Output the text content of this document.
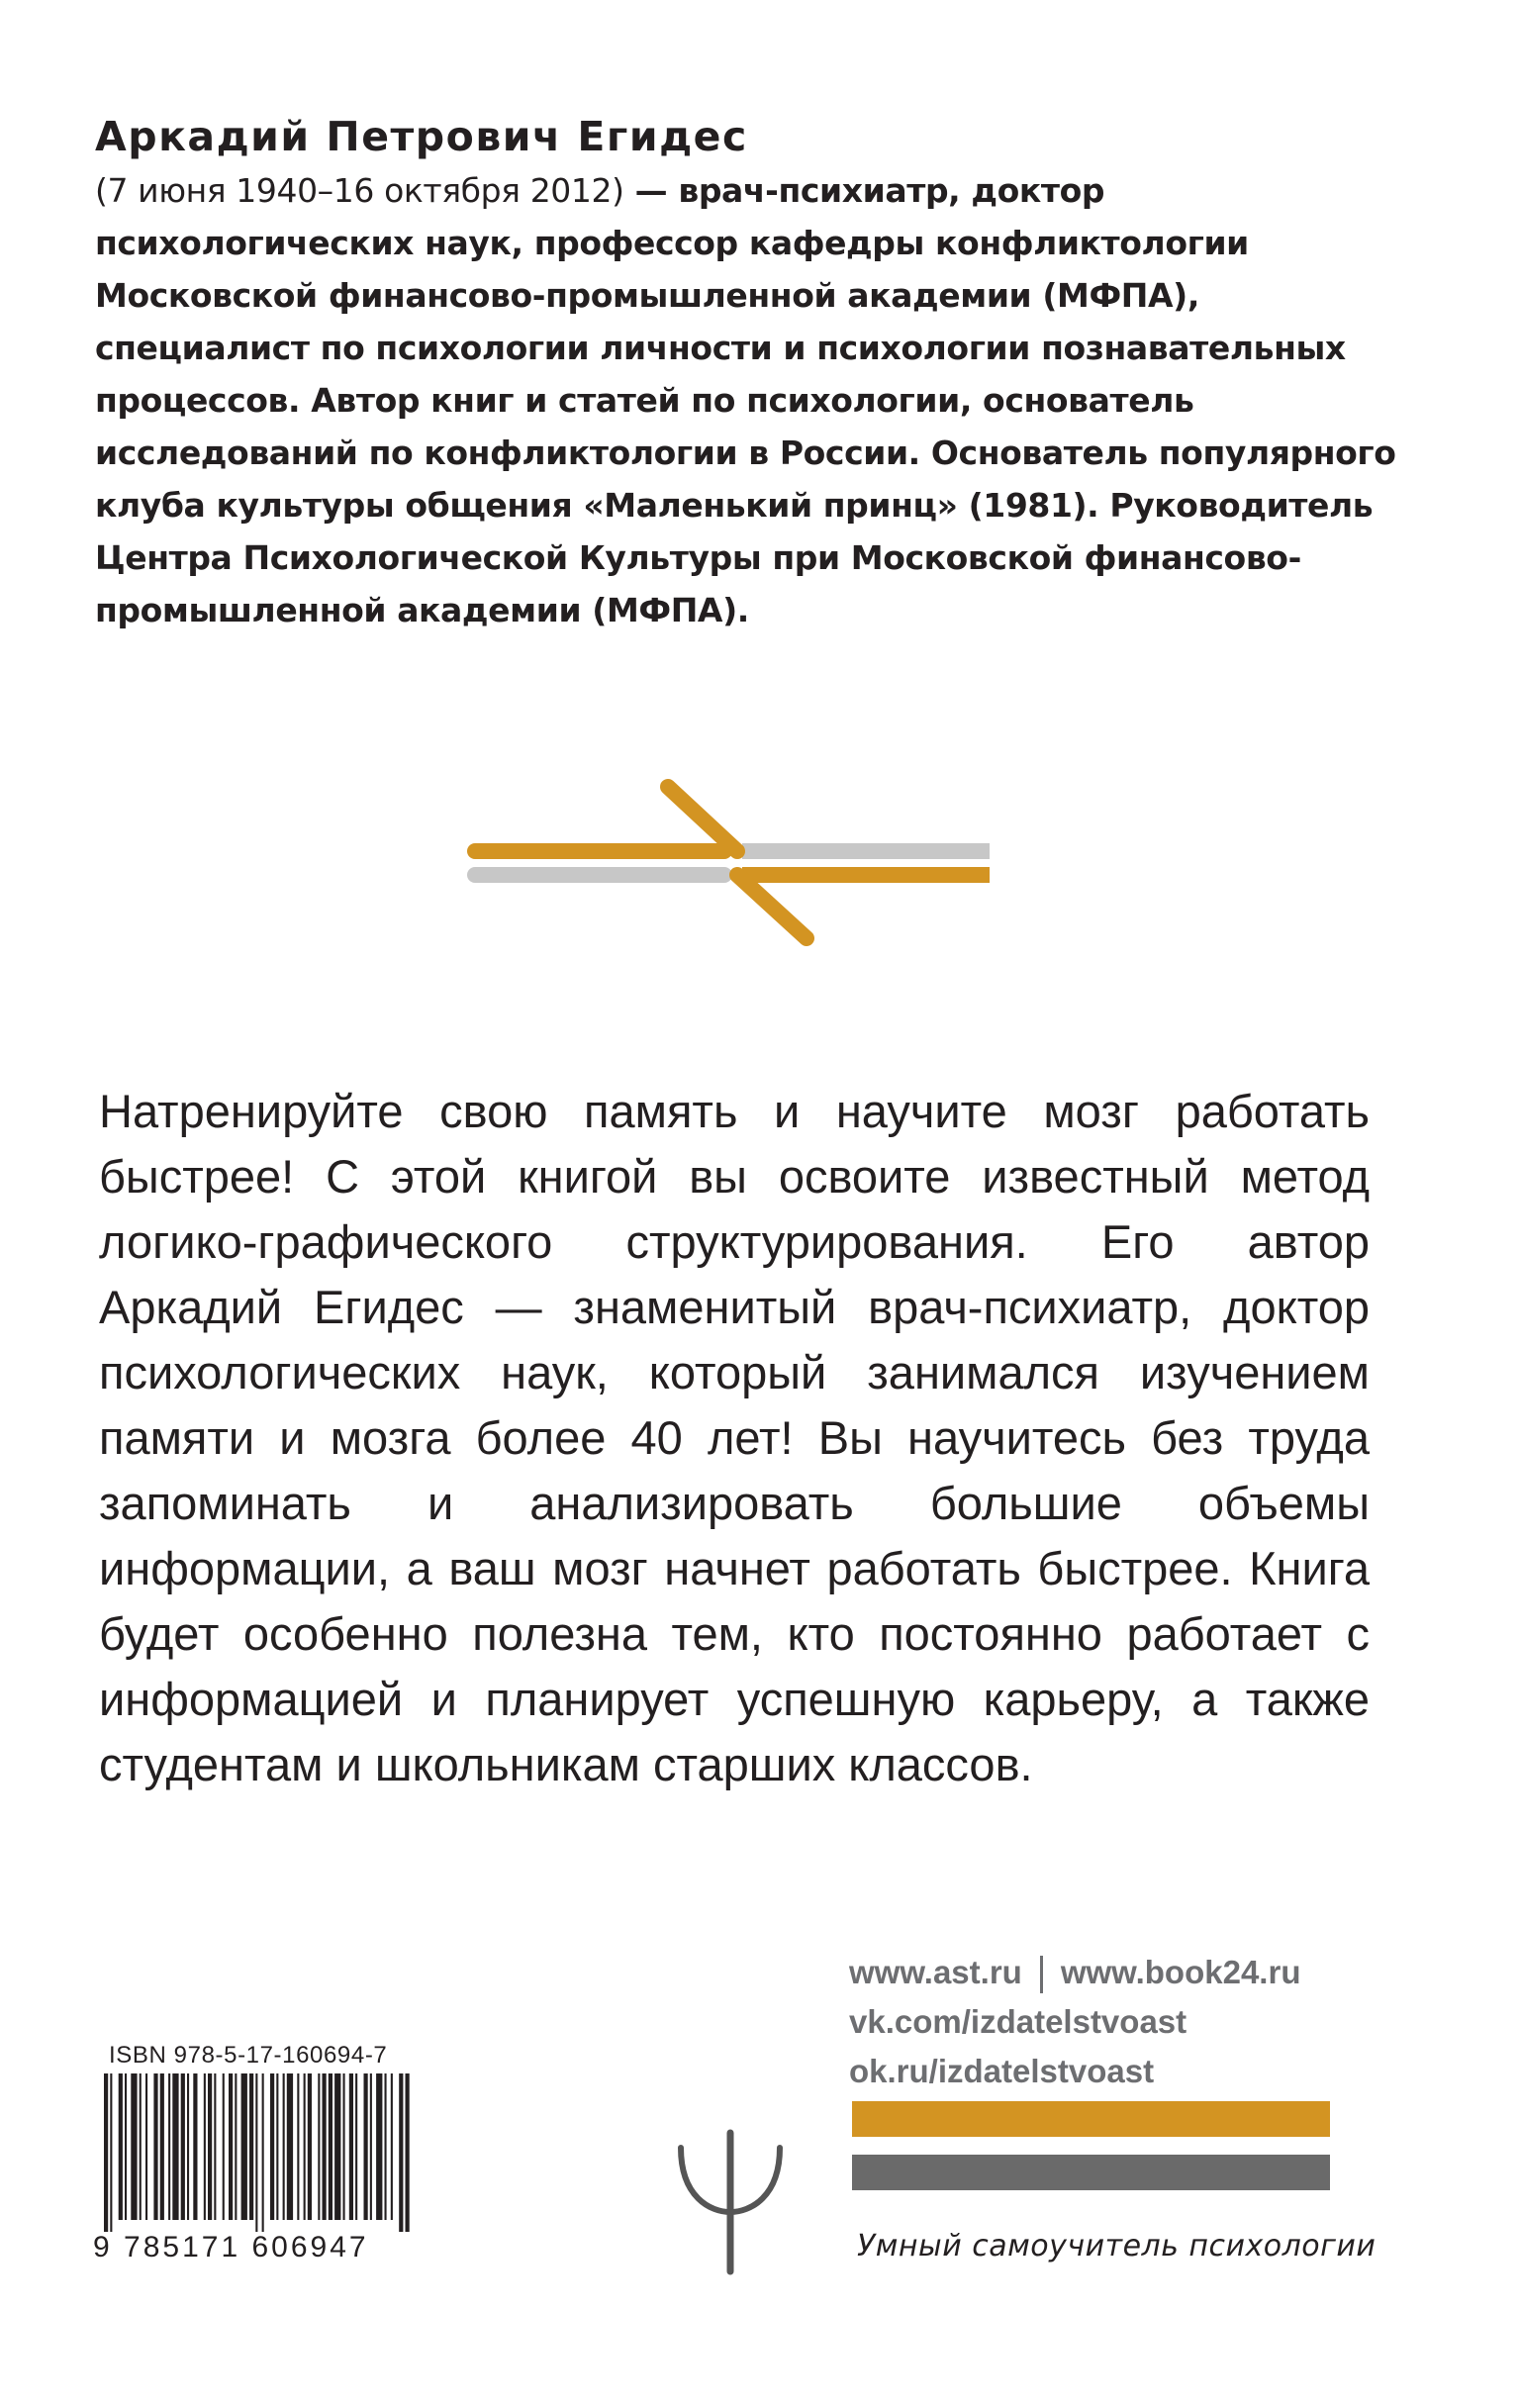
Аркадий Петрович Егидес

(7 июня 1940–16 октября 2012) — врач-психиатр, доктор психологических наук, профессор кафедры конфликтологии Московской финансово-промышленной академии (МФПА), специалист по психологии личности и психологии познавательных процессов. Автор книг и статей по психологии, основатель исследований по конфликтологии в России. Основатель популярного клуба культуры общения «Маленький принц» (1981). Руководитель Центра Психологической Культуры при Московской финансово-промышленной академии (МФПА).

Натренируйте свою память и научите мозг работать быстрее! С этой книгой вы освоите известный метод логико-графического структурирования. Его автор Аркадий Егидес — знаменитый врач-психиатр, доктор психологических наук, который занимался изучением памяти и мозга более 40 лет! Вы научитесь без труда запоминать и анализировать большие объемы информации, а ваш мозг начнет работать быстрее. Книга будет особенно полезна тем, кто постоянно работает с информацией и планирует успешную карьеру, а также студентам и школьникам старших классов.

www.ast.ru www.book24.ru
vk.com/izdatelstvoast
ok.ru/izdatelstvoast
Умный самоучитель психологии
ISBN 978-5-17-160694-7
9 785171 606947
